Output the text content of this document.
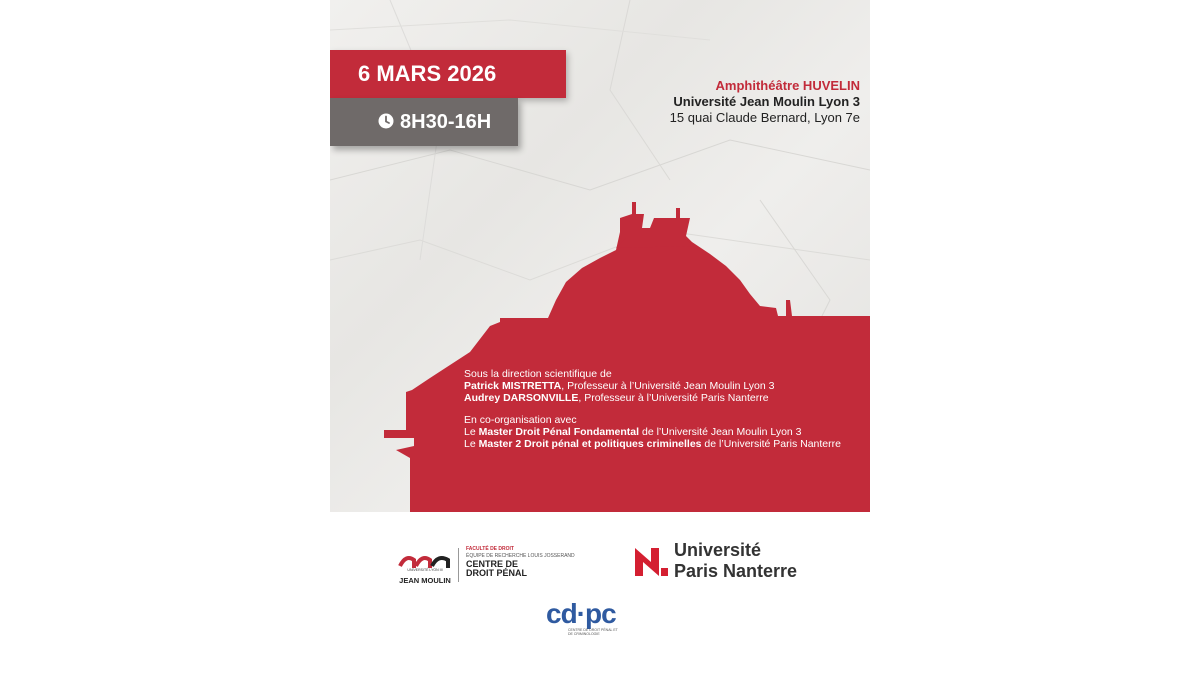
6 MARS 2026
8H30-16H
Amphithéâtre HUVELIN
Université Jean Moulin Lyon 3
15 quai Claude Bernard, Lyon 7e

Sous la direction scientifique de

Patrick MISTRETTA, Professeur à l’Université Jean Moulin Lyon 3

Audrey DARSONVILLE, Professeur à l’Université Paris Nanterre

En co-organisation avec

Le Master Droit Pénal Fondamental de l’Université Jean Moulin Lyon 3

Le Master 2 Droit pénal et politiques criminelles de l’Université Paris Nanterre

UNIVERSITÉ LYON III
JEAN MOULIN
FACULTÉ DE DROIT
ÉQUIPE DE RECHERCHE LOUIS JOSSERAND
CENTRE DE DROIT PÉNAL
Université
Paris Nanterre
cd·pc
CENTRE DE DROIT PÉNAL ET DE CRIMINOLOGIE
